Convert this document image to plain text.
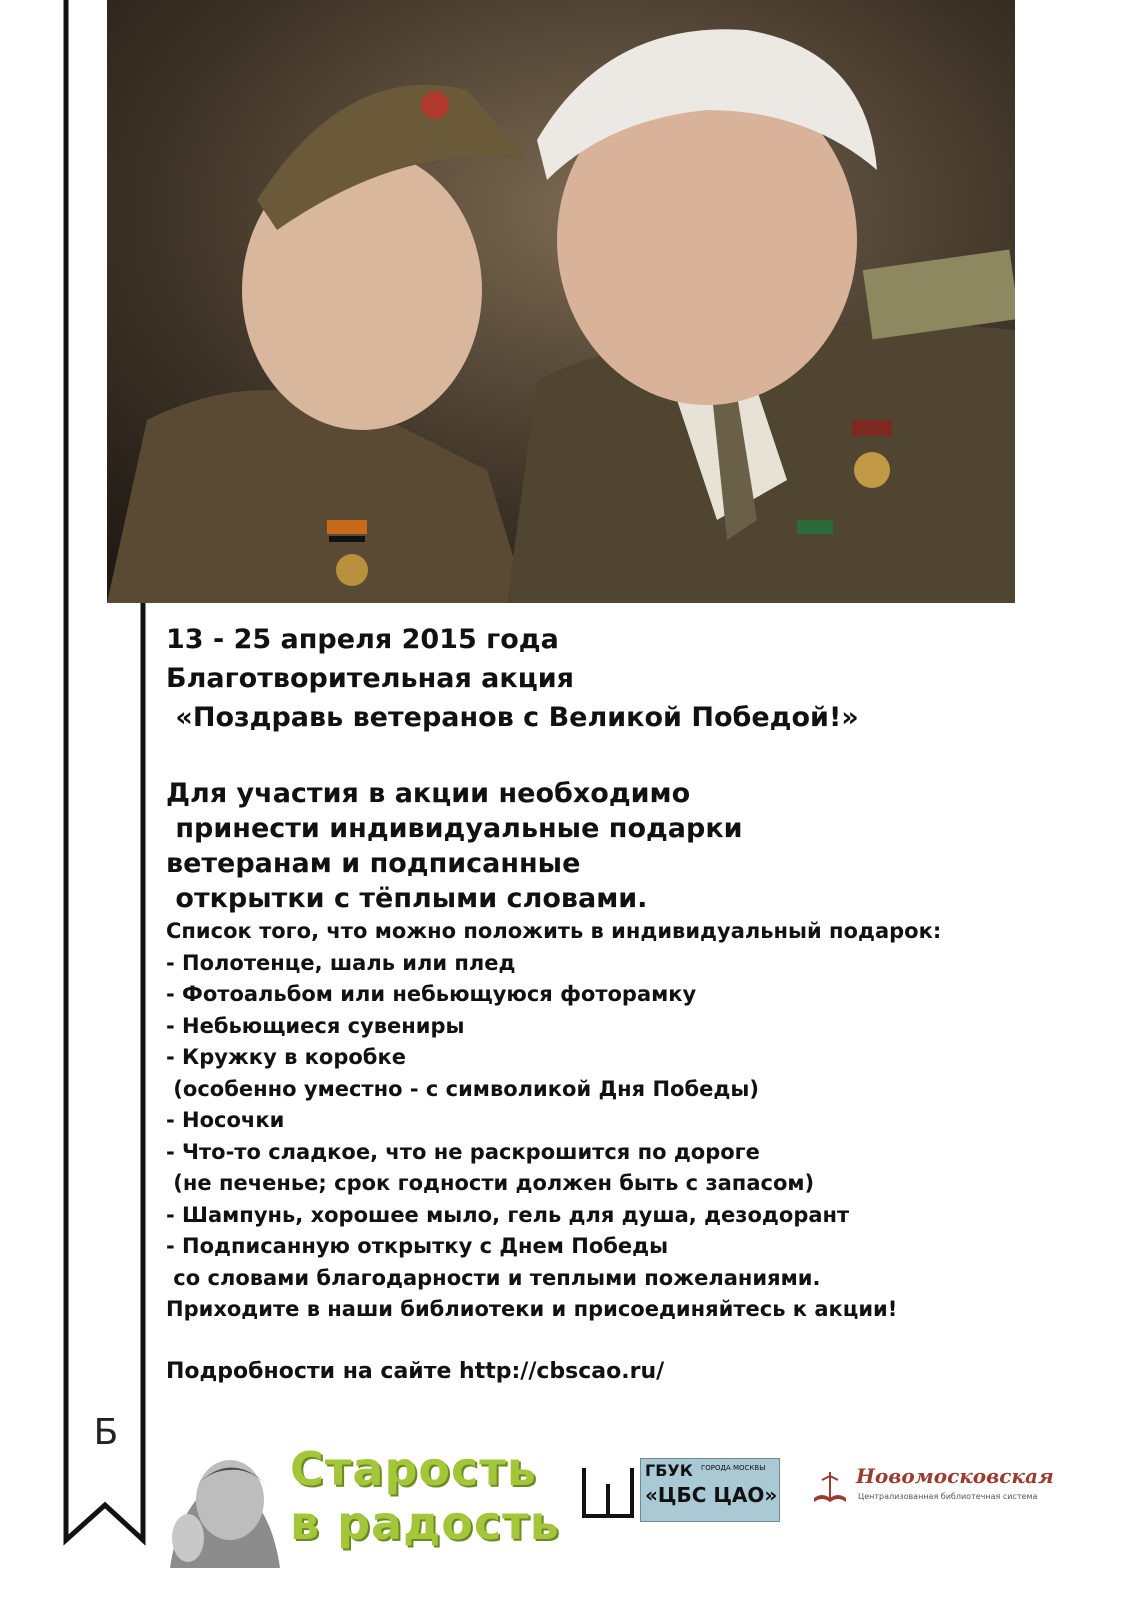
Б
13 - 25 апреля 2015 года
Благотворительная акция
«Поздравь ветеранов с Великой Победой!»
Для участия в акции необходимо
принести индивидуальные подарки
ветеранам и подписанные
открытки с тёплыми словами.
Список того, что можно положить в индивидуальный подарок:
- Полотенце, шаль или плед
- Фотоальбом или небьющуюся фоторамку
- Небьющиеся сувениры
- Кружку в коробке
(особенно уместно - с символикой Дня Победы)
- Носочки
- Что-то сладкое, что не раскрошится по дороге
(не печенье; срок годности должен быть с запасом)
- Шампунь, хорошее мыло, гель для душа, дезодорант
- Подписанную открытку с Днем Победы
со словами благодарности и теплыми пожеланиями.
Приходите в наши библиотеки и присоединяйтесь к акции!
Подробности на сайте http://cbscao.ru/
Старость
в радость
ГБУК ГОРОДА МОСКВЫ
«ЦБС ЦАО»
Новомосковская
Централизованная библиотечная система
